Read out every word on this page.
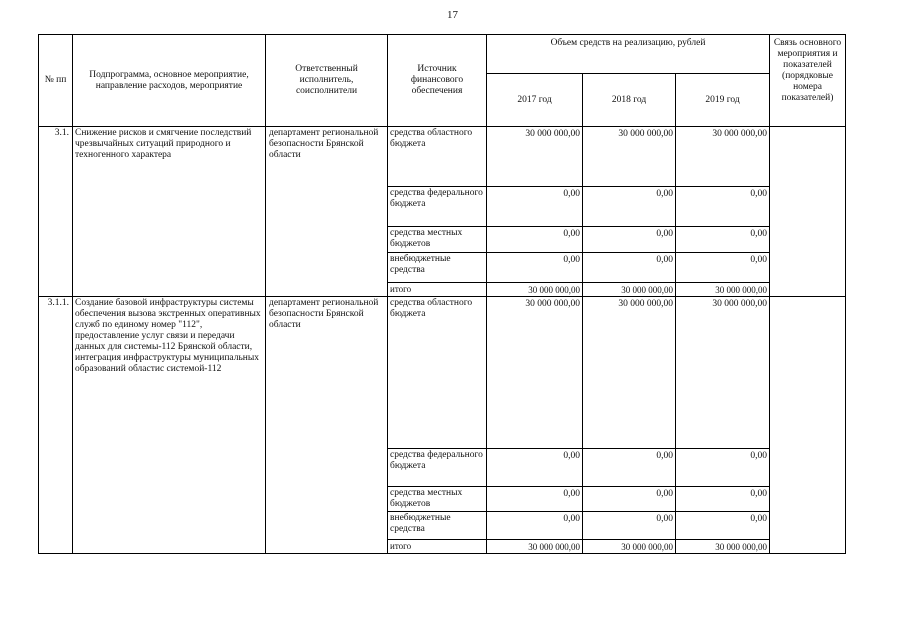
17
№ пп	Подпрограмма, основное мероприятие, направление расходов, мероприятие	Ответственный исполнитель, соисполнители	Источник финансового обеспечения	Объем средств на реализацию, рублей			Связь основного мероприятия и показателей (порядковые номера показателей)
				2017 год	2018 год	2019 год	
3.1.	Снижение рисков и смягчение последствий чрезвычайных ситуаций природного и техногенного характера	департамент региональной безопасности Брянской области	средства областного бюджета	30 000 000,00	30 000 000,00	30 000 000,00	
			средства федерального бюджета	0,00	0,00	0,00	
			средства местных бюджетов	0,00	0,00	0,00	
			внебюджетные средства	0,00	0,00	0,00	
			итого	30 000 000,00	30 000 000,00	30 000 000,00	
3.1.1.	Создание базовой инфраструктуры системы обеспечения вызова экстренных оперативных служб по единому номер "112", предоставление услуг связи и передачи данных для системы-112 Брянской области, интеграция инфраструктуры муниципальных образований областис системой-112	департамент региональной безопасности Брянской области	средства областного бюджета	30 000 000,00	30 000 000,00	30 000 000,00	
			средства федерального бюджета	0,00	0,00	0,00	
			средства местных бюджетов	0,00	0,00	0,00	
			внебюджетные средства	0,00	0,00	0,00	
			итого	30 000 000,00	30 000 000,00	30 000 000,00	
